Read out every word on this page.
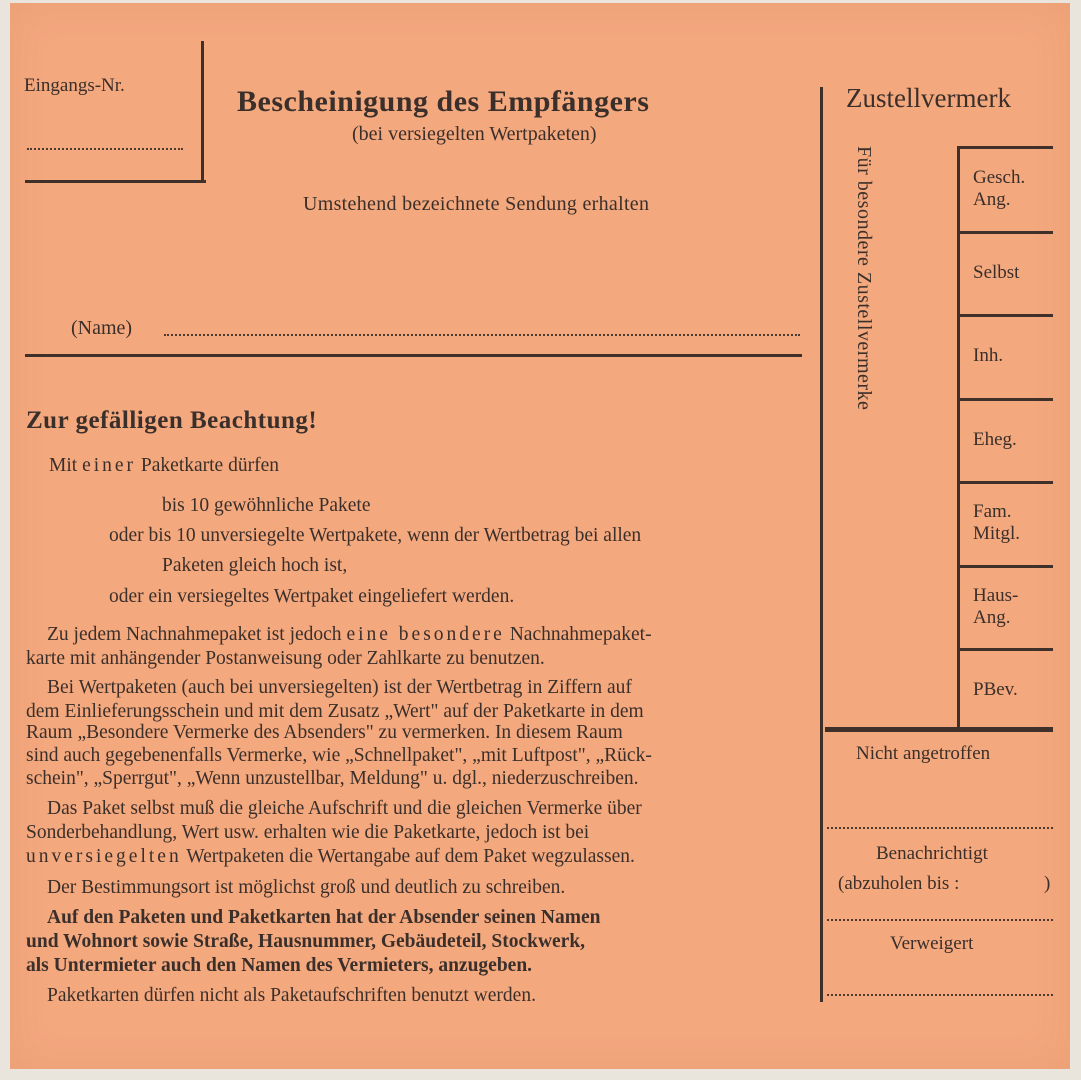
Eingangs-Nr.	Bescheinigung des Empfängers
(bei versiegelten Wertpaketen)
Umstehend bezeichnete Sendung erhalten
(Name)
Zur gefälligen Beachtung!
Mit einer Paketkarte dürfen
bis 10 gewöhnliche Pakete
oder bis 10 unversiegelte Wertpakete, wenn der Wertbetrag bei allen
Paketen gleich hoch ist,
oder ein versiegeltes Wertpaket eingeliefert werden.
Zu jedem Nachnahmepaket ist jedoch eine besondere Nachnahmepaket-
karte mit anhängender Postanweisung oder Zahlkarte zu benutzen.
Bei Wertpaketen (auch bei unversiegelten) ist der Wertbetrag in Ziffern auf
dem Einlieferungsschein und mit dem Zusatz „Wert" auf der Paketkarte in dem
Raum „Besondere Vermerke des Absenders" zu vermerken. In diesem Raum
sind auch gegebenenfalls Vermerke, wie „Schnellpaket", „mit Luftpost", „Rück-
schein", „Sperrgut", „Wenn unzustellbar, Meldung" u. dgl., niederzuschreiben.
Das Paket selbst muß die gleiche Aufschrift und die gleichen Vermerke über
Sonderbehandlung, Wert usw. erhalten wie die Paketkarte, jedoch ist bei
unversiegelten Wertpaketen die Wertangabe auf dem Paket wegzulassen.
Der Bestimmungsort ist möglichst groß und deutlich zu schreiben.
Auf den Paketen und Paketkarten hat der Absender seinen Namen
und Wohnort sowie Straße, Hausnummer, Gebäudeteil, Stockwerk,
als Untermieter auch den Namen des Vermieters, anzugeben.
Paketkarten dürfen nicht als Paketaufschriften benutzt werden.
Zustellvermerk
Für besondere Zustellvermerke	Gesch.
Ang.
Selbst
Inh.
Eheg.
Fam.
Mitgl.
Haus-
Ang.
PBev.
Nicht angetroffen
Benachrichtigt
(abzuholen bis :	)
Verweigert
